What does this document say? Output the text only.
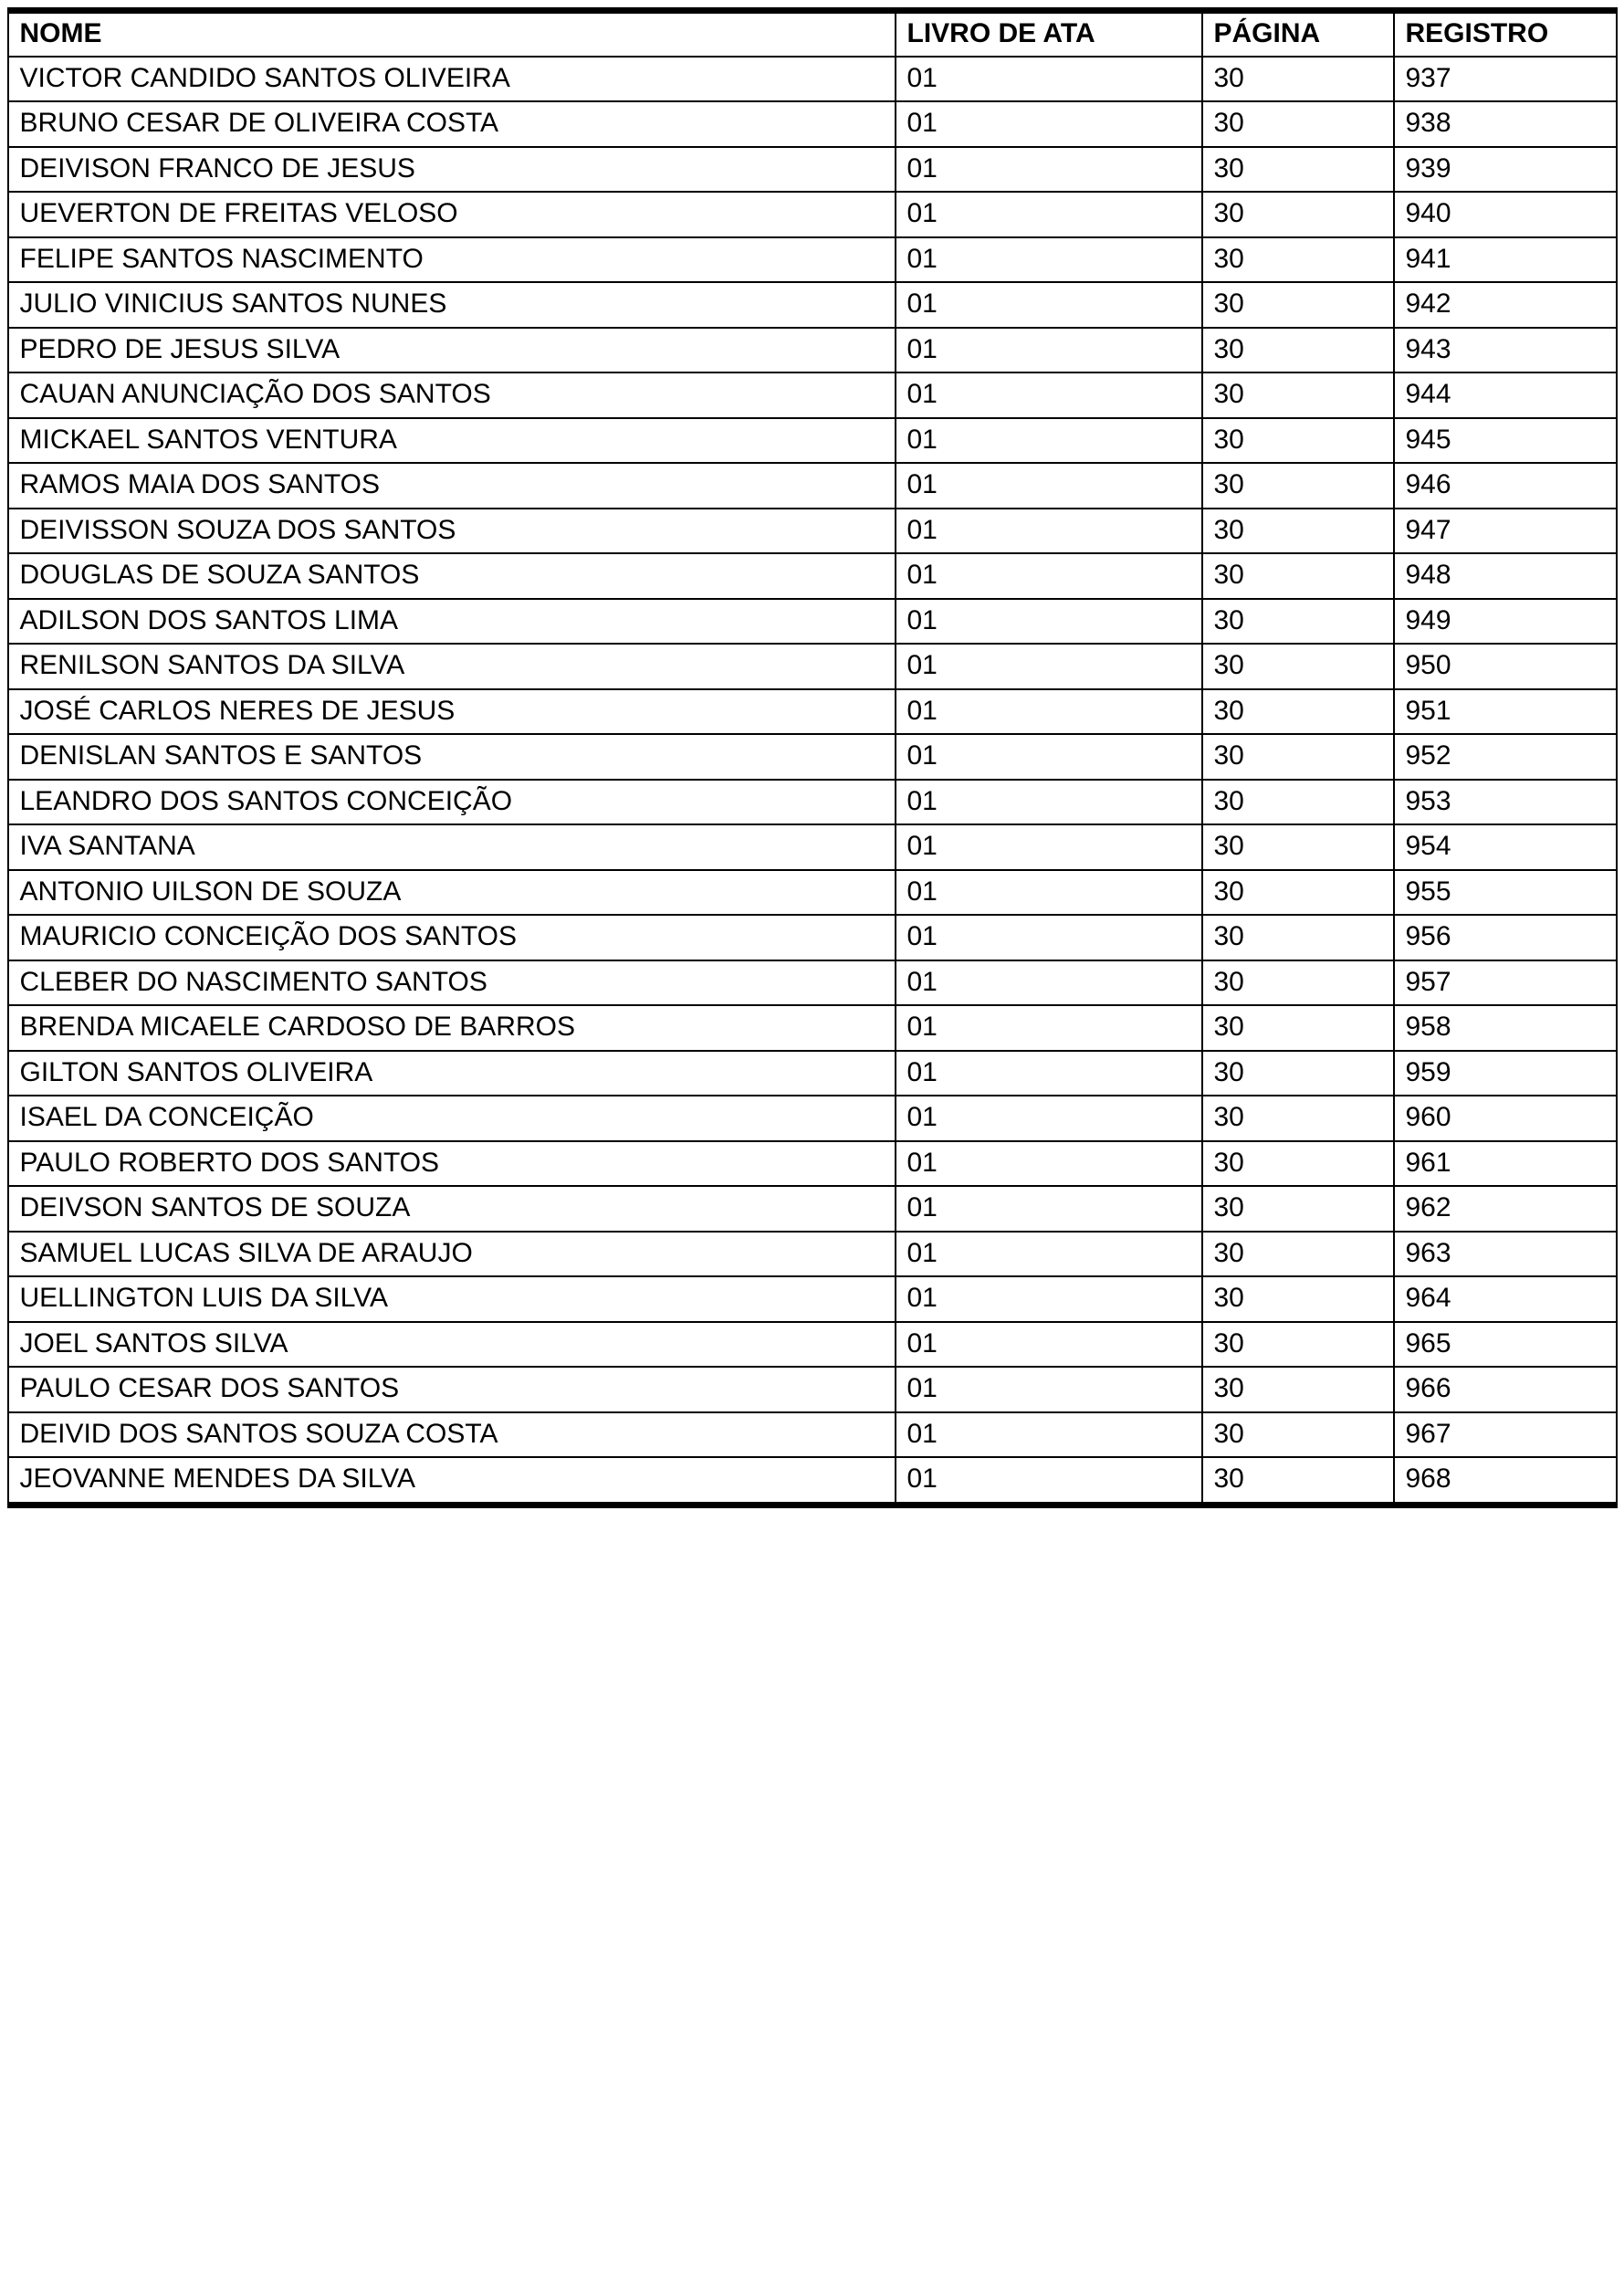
NOME	LIVRO DE ATA	PÁGINA	REGISTRO
VICTOR CANDIDO SANTOS OLIVEIRA	01	30	937
BRUNO CESAR DE OLIVEIRA COSTA	01	30	938
DEIVISON FRANCO DE JESUS	01	30	939
UEVERTON DE FREITAS VELOSO	01	30	940
FELIPE SANTOS NASCIMENTO	01	30	941
JULIO VINICIUS SANTOS NUNES	01	30	942
PEDRO DE JESUS SILVA	01	30	943
CAUAN ANUNCIAÇÃO DOS SANTOS	01	30	944
MICKAEL SANTOS VENTURA	01	30	945
RAMOS MAIA DOS SANTOS	01	30	946
DEIVISSON SOUZA DOS SANTOS	01	30	947
DOUGLAS DE SOUZA SANTOS	01	30	948
ADILSON DOS SANTOS LIMA	01	30	949
RENILSON SANTOS DA SILVA	01	30	950
JOSÉ CARLOS NERES DE JESUS	01	30	951
DENISLAN SANTOS E SANTOS	01	30	952
LEANDRO DOS SANTOS CONCEIÇÃO	01	30	953
IVA SANTANA	01	30	954
ANTONIO UILSON DE SOUZA	01	30	955
MAURICIO CONCEIÇÃO DOS SANTOS	01	30	956
CLEBER DO NASCIMENTO SANTOS	01	30	957
BRENDA MICAELE CARDOSO DE BARROS	01	30	958
GILTON SANTOS OLIVEIRA	01	30	959
ISAEL DA CONCEIÇÃO	01	30	960
PAULO ROBERTO DOS SANTOS	01	30	961
DEIVSON SANTOS DE SOUZA	01	30	962
SAMUEL LUCAS SILVA DE ARAUJO	01	30	963
UELLINGTON LUIS DA SILVA	01	30	964
JOEL SANTOS SILVA	01	30	965
PAULO CESAR DOS SANTOS	01	30	966
DEIVID DOS SANTOS SOUZA COSTA	01	30	967
JEOVANNE MENDES DA SILVA	01	30	968
